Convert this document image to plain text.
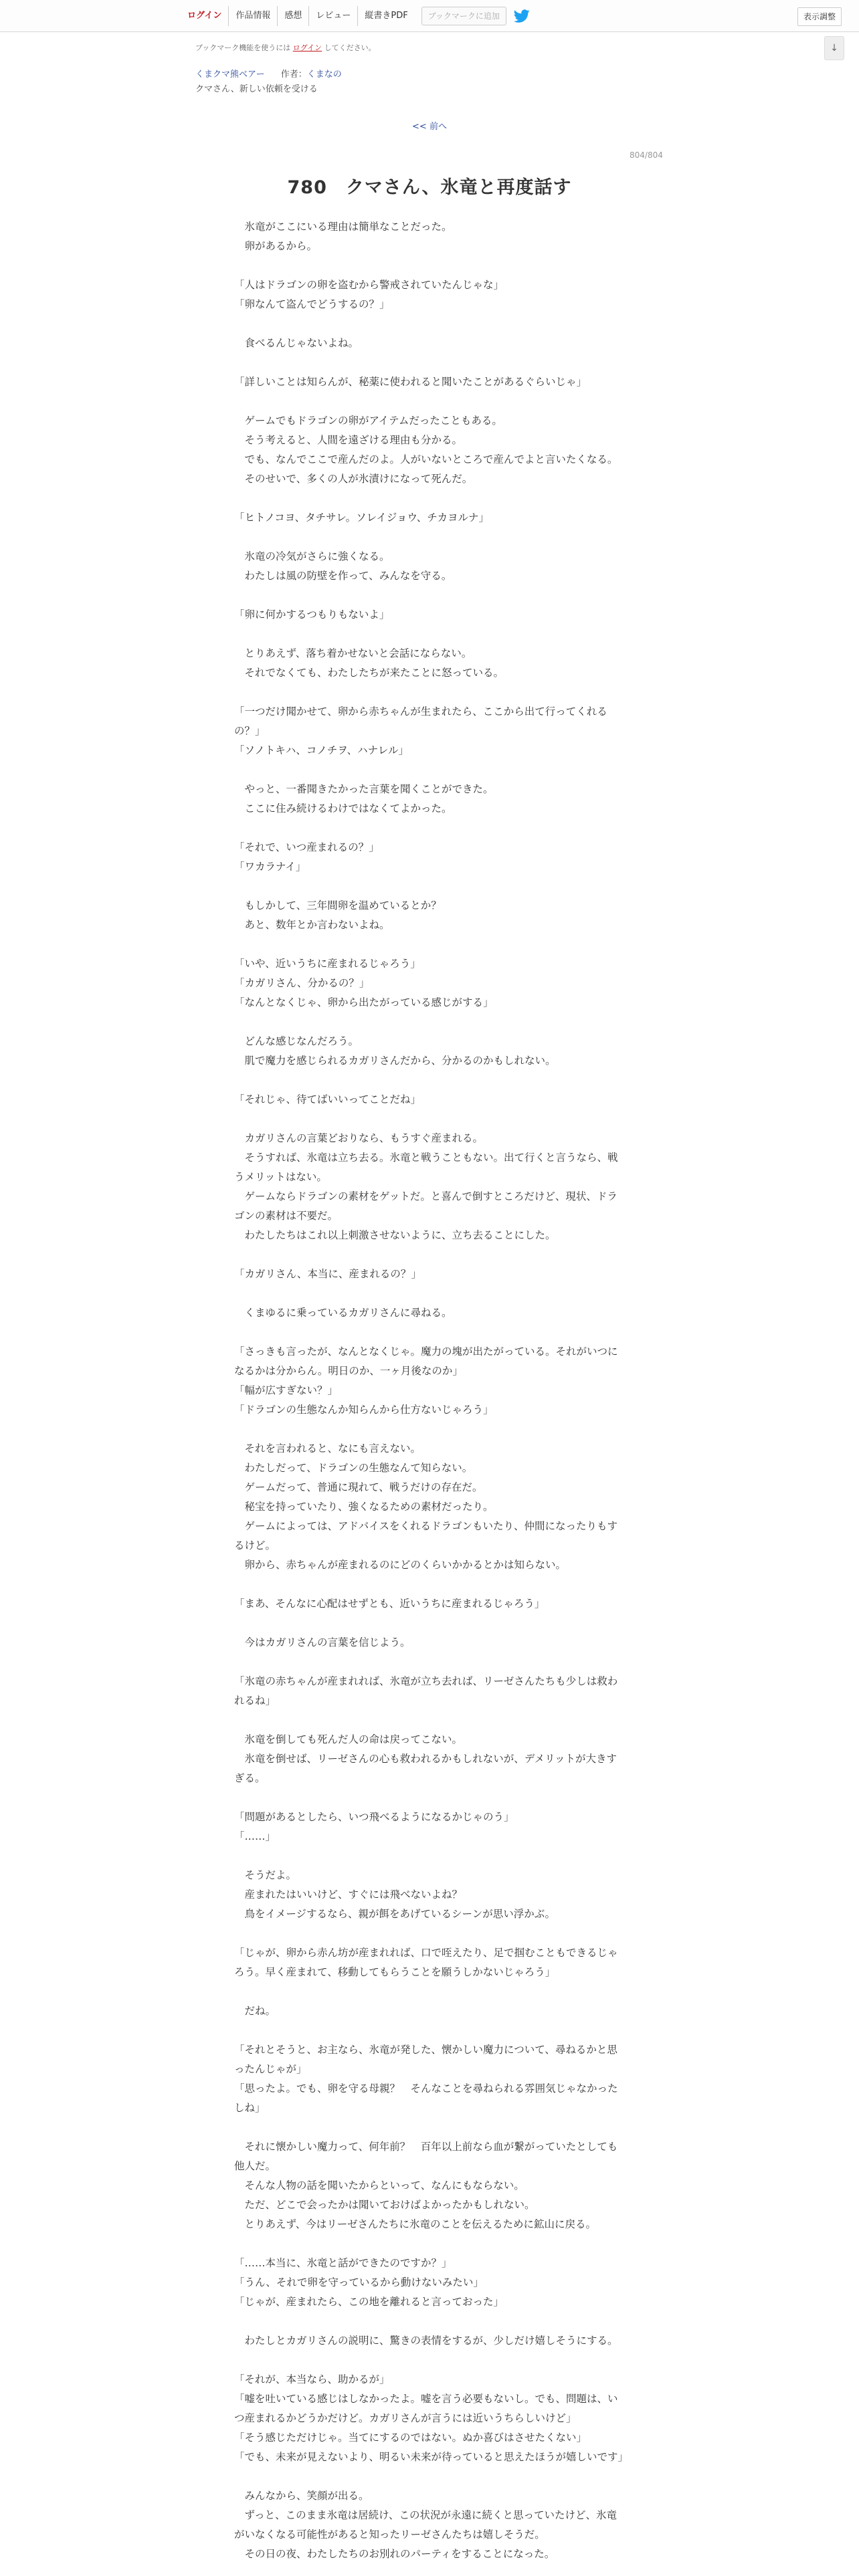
ログイン	作品情報	感想	レビュー	縦書きPDF	ブックマークに追加	表示調整
ブックマーク機能を使うには ログイン してください。	↓
くまクマ熊ベアー 作者：くまなの
クマさん、新しい依頼を受ける
<< 前へ
804/804
780　クマさん、氷竜と再度話す

　氷竜がここにいる理由は簡単なことだった。

　卵があるから。

「人はドラゴンの卵を盗むから警戒されていたんじゃな」

「卵なんて盗んでどうするの？」

　食べるんじゃないよね。

「詳しいことは知らんが、秘薬に使われると聞いたことがあるぐらいじゃ」

　ゲームでもドラゴンの卵がアイテムだったこともある。

　そう考えると、人間を遠ざける理由も分かる。

　でも、なんでここで産んだのよ。人がいないところで産んでよと言いたくなる。

　そのせいで、多くの人が氷漬けになって死んだ。

「ヒトノコヨ、タチサレ。ソレイジョウ、チカヨルナ」

　氷竜の冷気がさらに強くなる。

　わたしは風の防壁を作って、みんなを守る。

「卵に何かするつもりもないよ」

　とりあえず、落ち着かせないと会話にならない。

　それでなくても、わたしたちが来たことに怒っている。

「一つだけ聞かせて、卵から赤ちゃんが生まれたら、ここから出て行ってくれるの？」

「ソノトキハ、コノチヲ、ハナレル」

　やっと、一番聞きたかった言葉を聞くことができた。

　ここに住み続けるわけではなくてよかった。

「それで、いつ産まれるの？」

「ワカラナイ」

　もしかして、三年間卵を温めているとか？

　あと、数年とか言わないよね。

「いや、近いうちに産まれるじゃろう」

「カガリさん、分かるの？」

「なんとなくじゃ、卵から出たがっている感じがする」

　どんな感じなんだろう。

　肌で魔力を感じられるカガリさんだから、分かるのかもしれない。

「それじゃ、待てばいいってことだね」

　カガリさんの言葉どおりなら、もうすぐ産まれる。

　そうすれば、氷竜は立ち去る。氷竜と戦うこともない。出て行くと言うなら、戦うメリットはない。

　ゲームならドラゴンの素材をゲットだ。と喜んで倒すところだけど、現状、ドラゴンの素材は不要だ。

　わたしたちはこれ以上刺激させないように、立ち去ることにした。

「カガリさん、本当に、産まれるの？」

　くまゆるに乗っているカガリさんに尋ねる。

「さっきも言ったが、なんとなくじゃ。魔力の塊が出たがっている。それがいつになるかは分からん。明日のか、一ヶ月後なのか」

「幅が広すぎない？」

「ドラゴンの生態なんか知らんから仕方ないじゃろう」

　それを言われると、なにも言えない。

　わたしだって、ドラゴンの生態なんて知らない。

　ゲームだって、普通に現れて、戦うだけの存在だ。

　秘宝を持っていたり、強くなるための素材だったり。

　ゲームによっては、アドバイスをくれるドラゴンもいたり、仲間になったりもするけど。

　卵から、赤ちゃんが産まれるのにどのくらいかかるとかは知らない。

「まあ、そんなに心配はせずとも、近いうちに産まれるじゃろう」

　今はカガリさんの言葉を信じよう。

「氷竜の赤ちゃんが産まれれば、氷竜が立ち去れば、リーゼさんたちも少しは救われるね」

　氷竜を倒しても死んだ人の命は戻ってこない。

　氷竜を倒せば、リーゼさんの心も救われるかもしれないが、デメリットが大きすぎる。

「問題があるとしたら、いつ飛べるようになるかじゃのう」

「……」

　そうだよ。

　産まれたはいいけど、すぐには飛べないよね？

　鳥をイメージするなら、親が餌をあげているシーンが思い浮かぶ。

「じゃが、卵から赤ん坊が産まれれば、口で咥えたり、足で掴むこともできるじゃろう。早く産まれて、移動してもらうことを願うしかないじゃろう」

　だね。

「それとそうと、お主なら、氷竜が発した、懐かしい魔力について、尋ねるかと思ったんじゃが」

「思ったよ。でも、卵を守る母親？　そんなことを尋ねられる雰囲気じゃなかったしね」

　それに懐かしい魔力って、何年前？　百年以上前なら血が繋がっていたとしても他人だ。

　そんな人物の話を聞いたからといって、なんにもならない。

　ただ、どこで会ったかは聞いておけばよかったかもしれない。

　とりあえず、今はリーゼさんたちに氷竜のことを伝えるために鉱山に戻る。

「……本当に、氷竜と話ができたのですか？」

「うん、それで卵を守っているから動けないみたい」

「じゃが、産まれたら、この地を離れると言っておった」

　わたしとカガリさんの説明に、驚きの表情をするが、少しだけ嬉しそうにする。

「それが、本当なら、助かるが」

「嘘を吐いている感じはしなかったよ。嘘を言う必要もないし。でも、問題は、いつ産まれるかどうかだけど。カガリさんが言うには近いうちらしいけど」

「そう感じただけじゃ。当てにするのではない。ぬか喜びはさせたくない」

「でも、未来が見えないより、明るい未来が待っていると思えたほうが嬉しいです」

　みんなから、笑顔が出る。

　ずっと、このまま氷竜は居続け、この状況が永遠に続くと思っていたけど、氷竜がいなくなる可能性があると知ったリーゼさんたちは嬉しそうだ。

　その日の夜、わたしたちのお別れのパーティをすることになった。
